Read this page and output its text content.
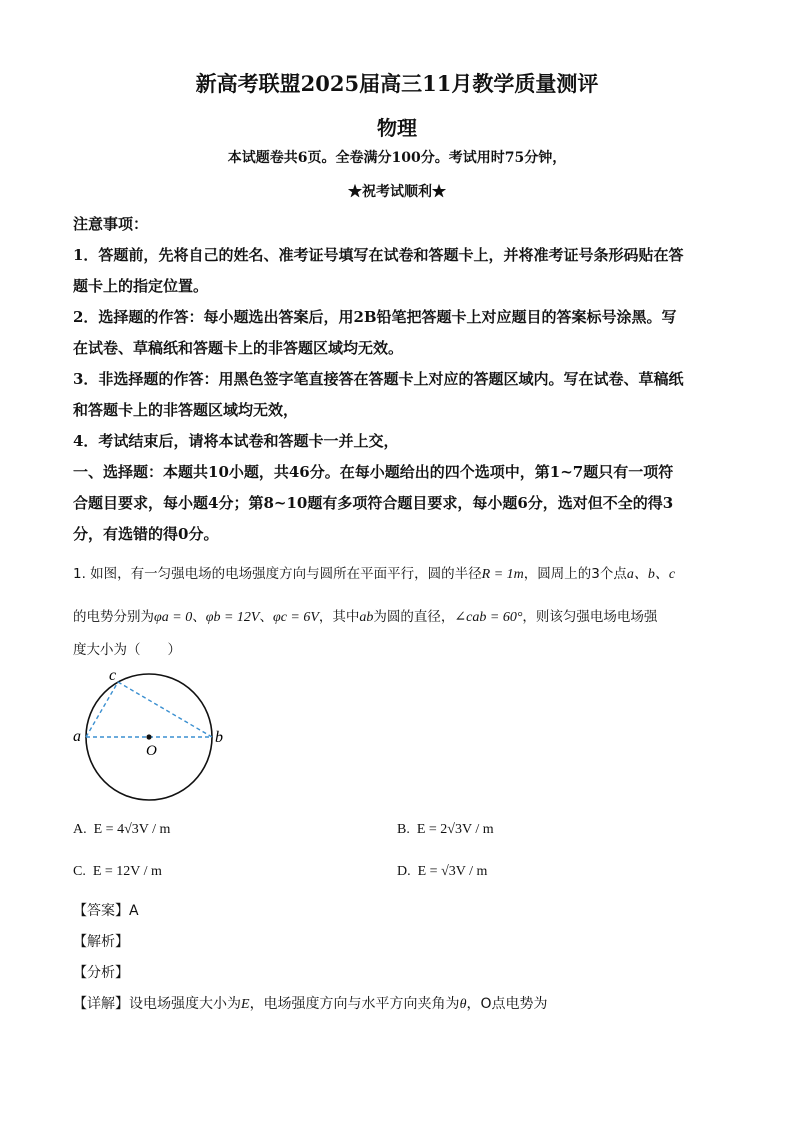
新高考联盟2025届高三11月教学质量测评
物理
本试题卷共6页。全卷满分100分。考试用时75分钟，
★祝考试顺利★
注意事项：
1．答题前，先将自己的姓名、准考证号填写在试卷和答题卡上，并将准考证号条形码贴在答
题卡上的指定位置。
2．选择题的作答：每小题选出答案后，用2B铅笔把答题卡上对应题目的答案标号涂黑。写
在试卷、草稿纸和答题卡上的非答题区域均无效。
3．非选择题的作答：用黑色签字笔直接答在答题卡上对应的答题区域内。写在试卷、草稿纸
和答题卡上的非答题区域均无效，
4．考试结束后，请将本试卷和答题卡一并上交，
一、选择题：本题共10小题，共46分。在每小题给出的四个选项中，第1~7题只有一项符
合题目要求，每小题4分；第8~10题有多项符合题目要求，每小题6分，选对但不全的得3
分，有选错的得0分。
1. 如图，有一匀强电场的电场强度方向与圆所在平面平行，圆的半径R = 1m，圆周上的3个点a、b、c
的电势分别为φa = 0、φb = 12V、φc = 6V，其中ab为圆的直径，∠cab = 60°，则该匀强电场电场强
度大小为（　　）
a	b
c
O
A. E = 4√3V / m	B. E = 2√3V / m
C. E = 12V / m	D. E = √3V / m
【答案】A
【解析】
【分析】
【详解】设电场强度大小为E，电场强度方向与水平方向夹角为θ，O点电势为
